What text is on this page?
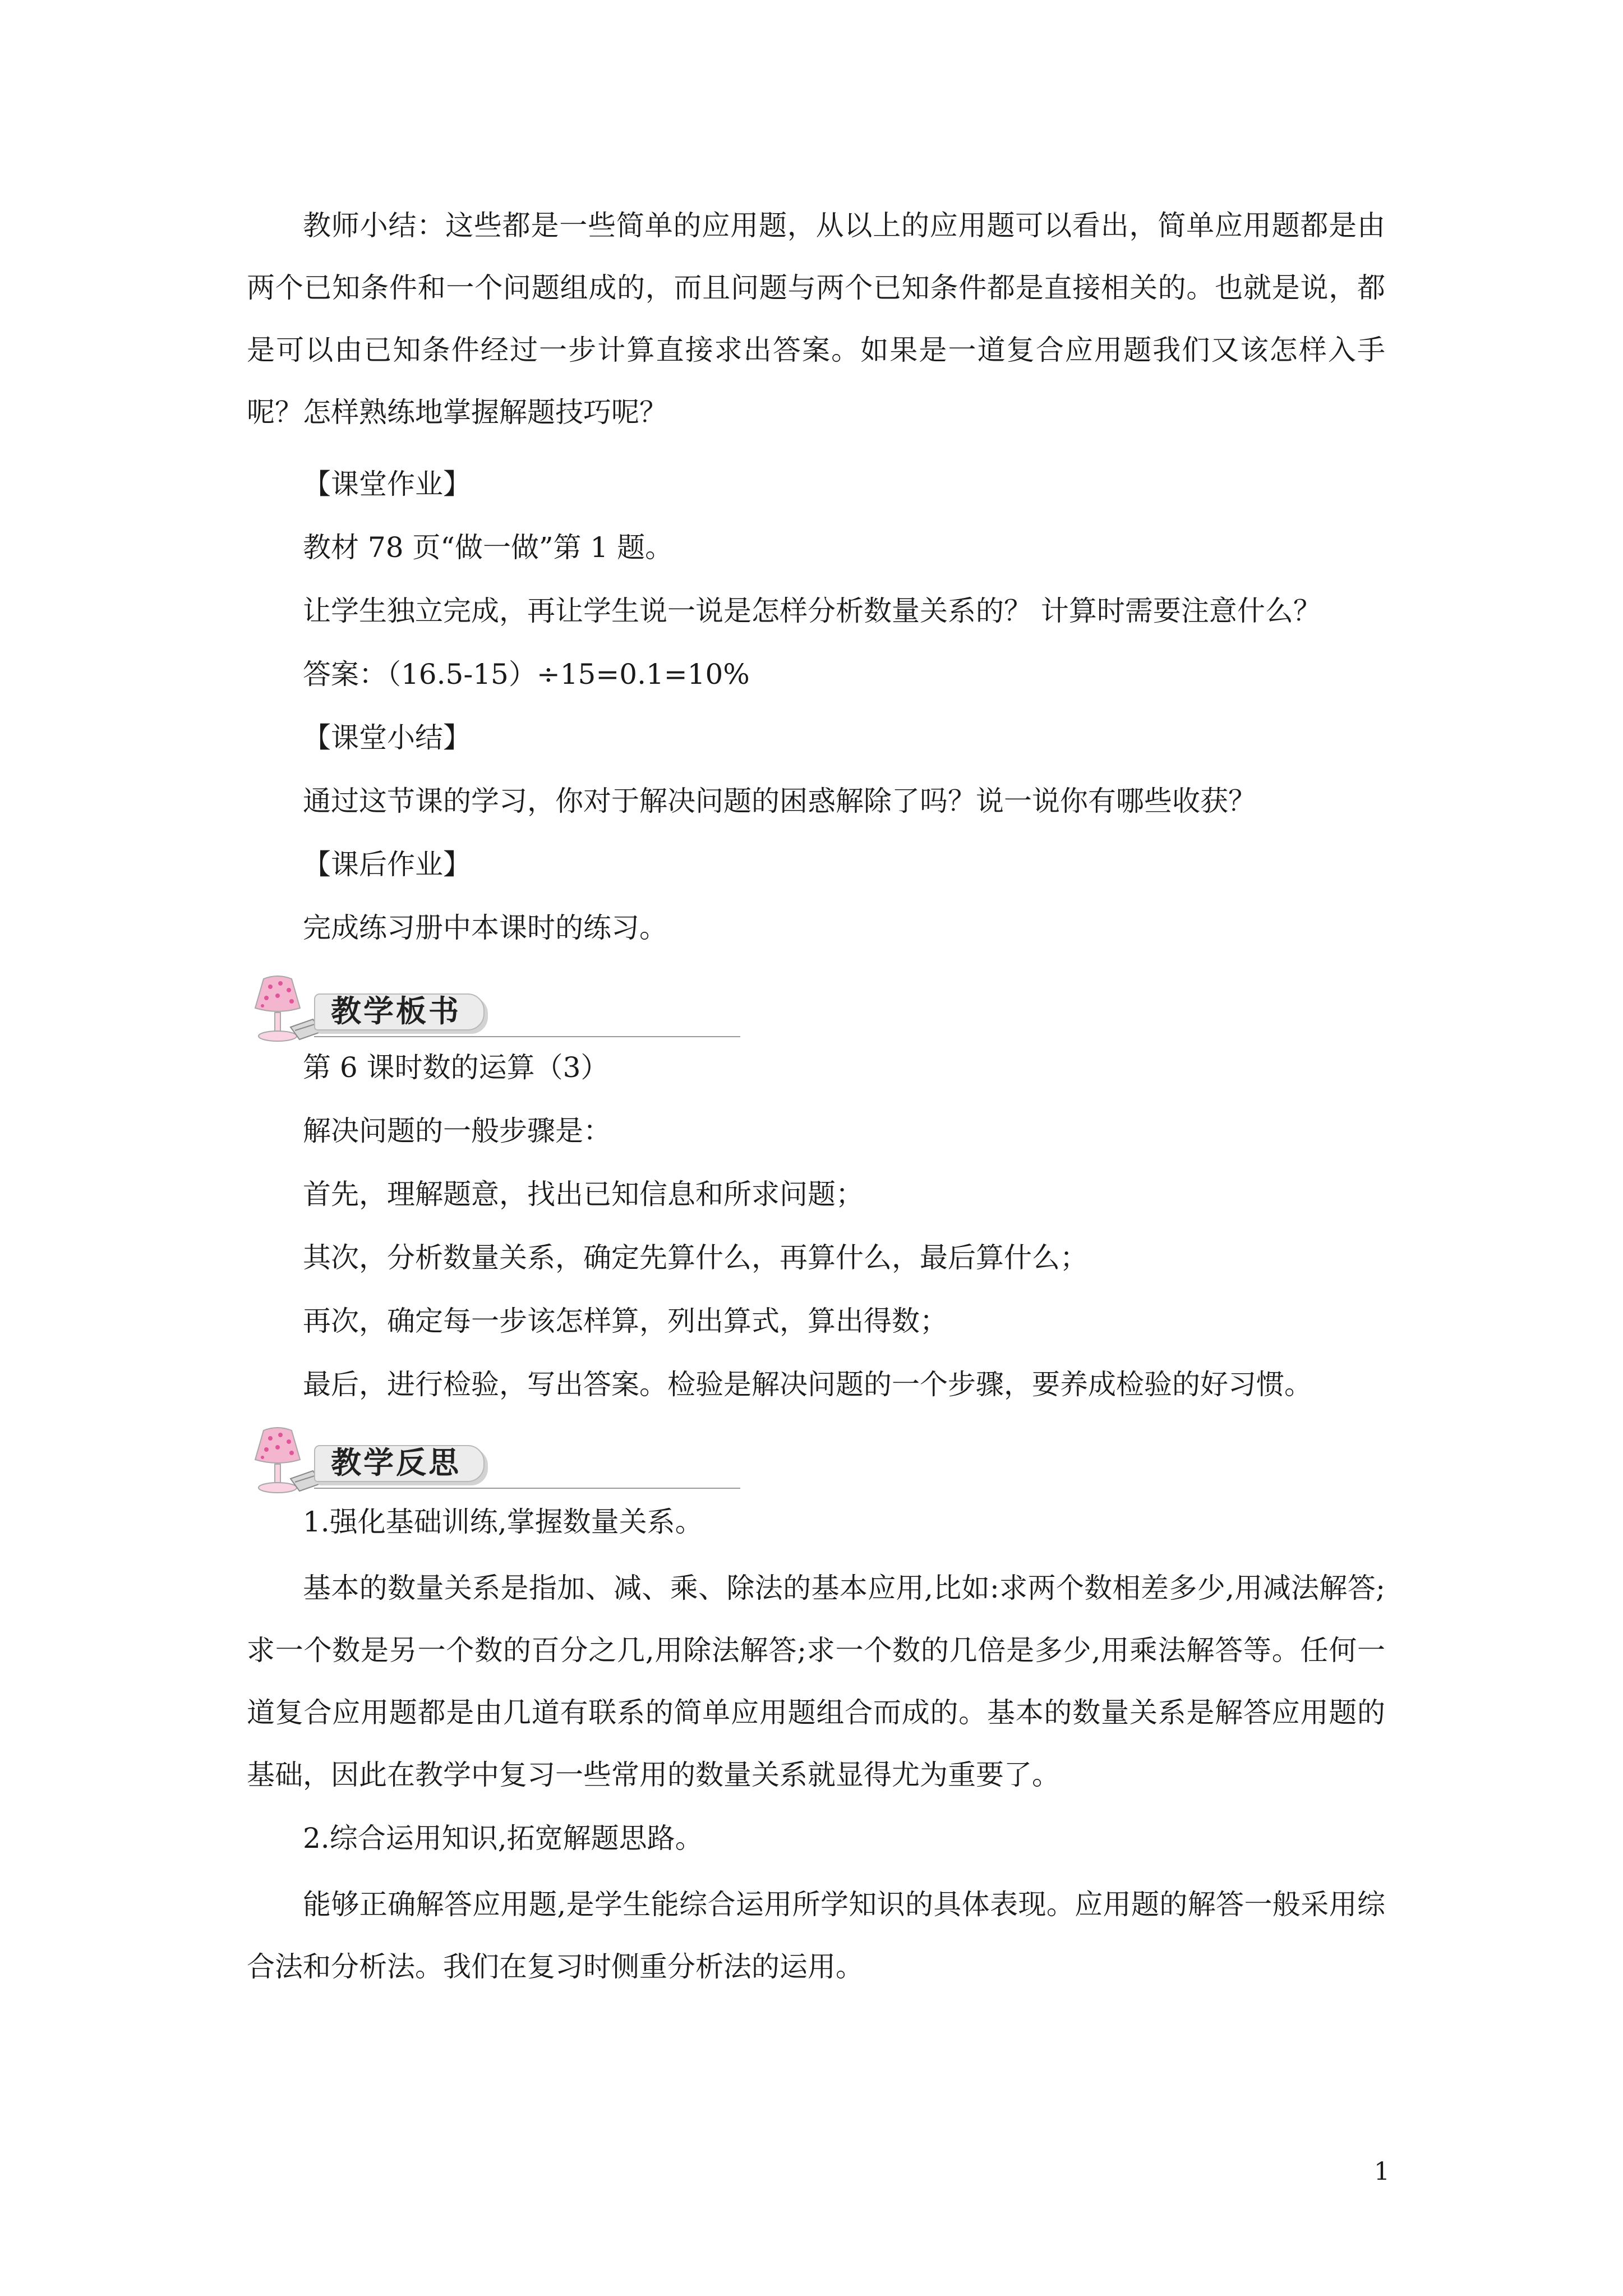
教师小结：这些都是一些简单的应用题，从以上的应用题可以看出，简单应用题都是由两个已知条件和一个问题组成的，而且问题与两个已知条件都是直接相关的。也就是说，都是可以由已知条件经过一步计算直接求出答案。如果是一道复合应用题我们又该怎样入手呢？怎样熟练地掌握解题技巧呢？

【课堂作业】

教材 78 页“做一做”第 1 题。

让学生独立完成，再让学生说一说是怎样分析数量关系的？ 计算时需要注意什么？

答案：（16.5-15）÷15=0.1=10%

【课堂小结】

通过这节课的学习，你对于解决问题的困惑解除了吗？说一说你有哪些收获？

【课后作业】

完成练习册中本课时的练习。

教学板书

第 6 课时数的运算（3）

解决问题的一般步骤是：

首先，理解题意，找出已知信息和所求问题；

其次，分析数量关系，确定先算什么，再算什么，最后算什么；

再次，确定每一步该怎样算，列出算式，算出得数；

最后，进行检验，写出答案。检验是解决问题的一个步骤，要养成检验的好习惯。

教学反思

1.强化基础训练,掌握数量关系。

基本的数量关系是指加、减、乘、除法的基本应用,比如:求两个数相差多少,用减法解答;求一个数是另一个数的百分之几,用除法解答;求一个数的几倍是多少,用乘法解答等。任何一道复合应用题都是由几道有联系的简单应用题组合而成的。基本的数量关系是解答应用题的基础，因此在教学中复习一些常用的数量关系就显得尤为重要了。

2.综合运用知识,拓宽解题思路。

能够正确解答应用题,是学生能综合运用所学知识的具体表现。应用题的解答一般采用综合法和分析法。我们在复习时侧重分析法的运用。

1
